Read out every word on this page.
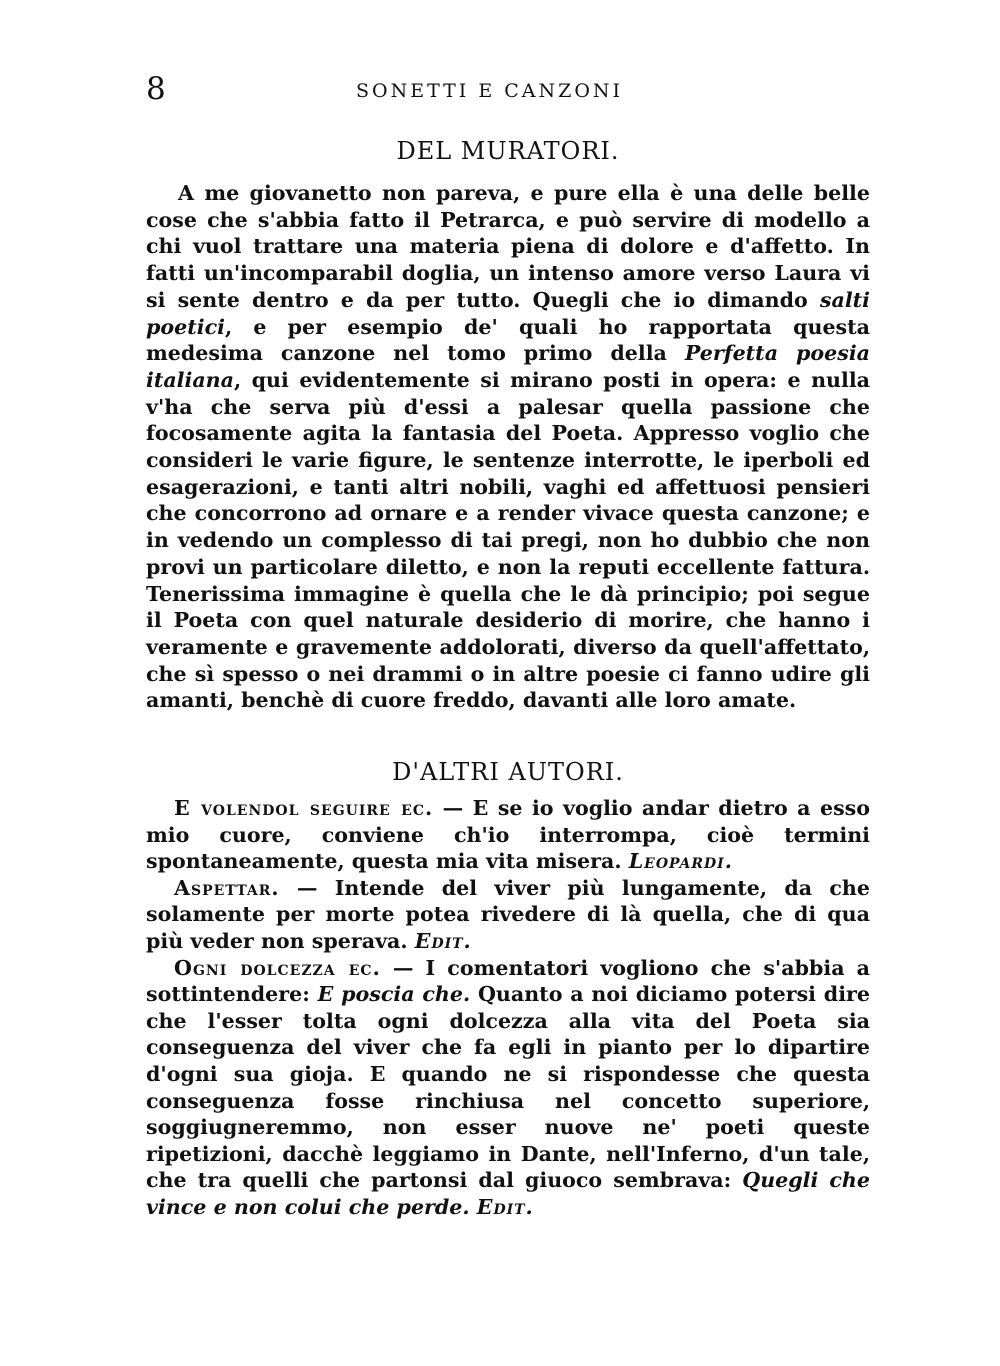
8	SONETTI E CANZONI
DEL MURATORI.

A me giovanetto non pareva, e pure ella è una delle belle cose che s'abbia fatto il Petrarca, e può servire di modello a chi vuol trattare una materia piena di dolore e d'affetto. In fatti un'incomparabil doglia, un intenso amore verso Laura vi si sente dentro e da per tutto. Quegli che io dimando salti poetici, e per esempio de' quali ho rapportata questa medesima canzone nel tomo primo della Perfetta poesia italiana, qui evidentemente si mirano posti in opera: e nulla v'ha che serva più d'essi a palesar quella passione che focosamente agita la fantasia del Poeta. Appresso voglio che consideri le varie figure, le sentenze interrotte, le iperboli ed esagerazioni, e tanti altri nobili, vaghi ed affettuosi pensieri che concorrono ad ornare e a render vivace questa canzone; e in vedendo un complesso di tai pregi, non ho dubbio che non provi un particolare diletto, e non la reputi eccellente fattura. Tenerissima immagine è quella che le dà principio; poi segue il Poeta con quel naturale desiderio di morire, che hanno i veramente e gravemente addolorati, diverso da quell'affettato, che sì spesso o nei drammi o in altre poesie ci fanno udire gli amanti, benchè di cuore freddo, davanti alle loro amate.

D'ALTRI AUTORI.

E volendol seguire ec. — E se io voglio andar dietro a esso mio cuore, conviene ch'io interrompa, cioè termini spontaneamente, questa mia vita misera. Leopardi.

Aspettar. — Intende del viver più lungamente, da che solamente per morte potea rivedere di là quella, che di qua più veder non sperava. Edit.

Ogni dolcezza ec. — I comentatori vogliono che s'abbia a sottintendere: E poscia che. Quanto a noi diciamo potersi dire che l'esser tolta ogni dolcezza alla vita del Poeta sia conseguenza del viver che fa egli in pianto per lo dipartire d'ogni sua gioja. E quando ne si rispondesse che questa conseguenza fosse rinchiusa nel concetto superiore, soggiugneremmo, non esser nuove ne' poeti queste ripetizioni, dacchè leggiamo in Dante, nell'Inferno, d'un tale, che tra quelli che partonsi dal giuoco sembrava: Quegli che vince e non colui che perde. Edit.
